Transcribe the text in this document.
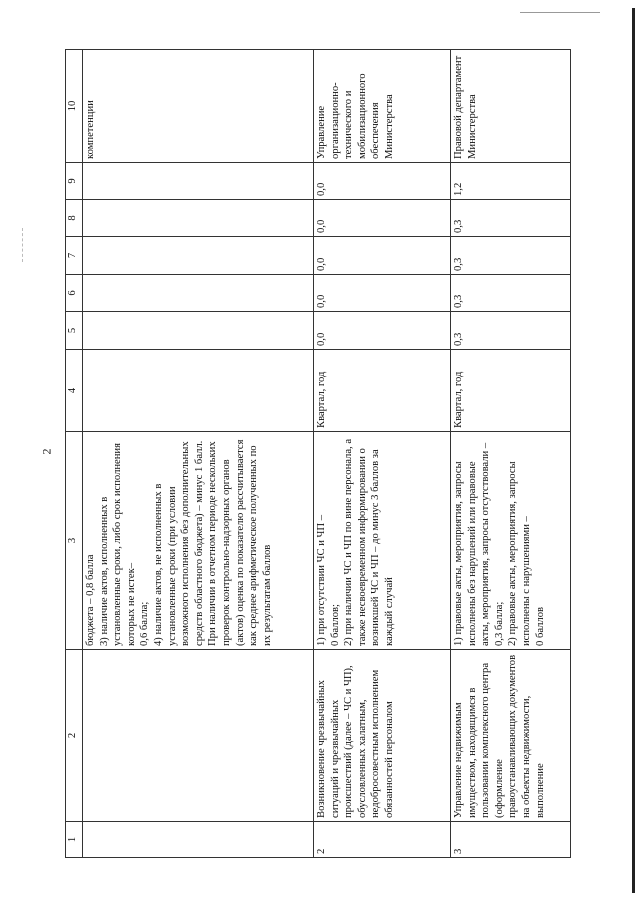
2
1	2	3	4	5	6	7	8	9	10
		бюджета – 0,8 балла
3) наличие актов, исполненных в установленные сроки, либо срок исполнения которых не истек–
0,6 балла;
4) наличие актов, не исполненных в установленные сроки (при условии возможного исполнения без дополнительных средств областного бюджета) – минус 1 балл.
При наличии в отчетном периоде нескольких проверок контрольно-надзорных органов (актов) оценка по показателю рассчитывается как среднее арифметическое полученных по их результатам баллов							компетенции
2	Возникновение чрезвычайных ситуаций и чрезвычайных происшествий (далее – ЧС и ЧП), обусловленных халатным, недобросовестным исполнением обязанностей персоналом	1) при отсутствии ЧС и ЧП –
0 баллов;
2) при наличии ЧС и ЧП по вине персонала, а также несвоевременном информировании о возникшей ЧС и ЧП – до минус 3 баллов за каждый случай	Квартал, год	0,0	0,0	0,0	0,0	0,0	Управление организационно-технического и мобилизационного обеспечения Министерства
3	Управление недвижимым имуществом, находящимся в пользовании комплексного центра (оформление правоустанавливающих документов на объекты недвижимости, выполнение	1) правовые акты, мероприятия, запросы исполнены без нарушений или правовые акты, мероприятия, запросы отсутствовали – 0,3 балла;
2) правовые акты, мероприятия, запросы исполнены с нарушениями –
0 баллов	Квартал, год	0,3	0,3	0,3	0,3	1,2	Правовой департамент Министерства
